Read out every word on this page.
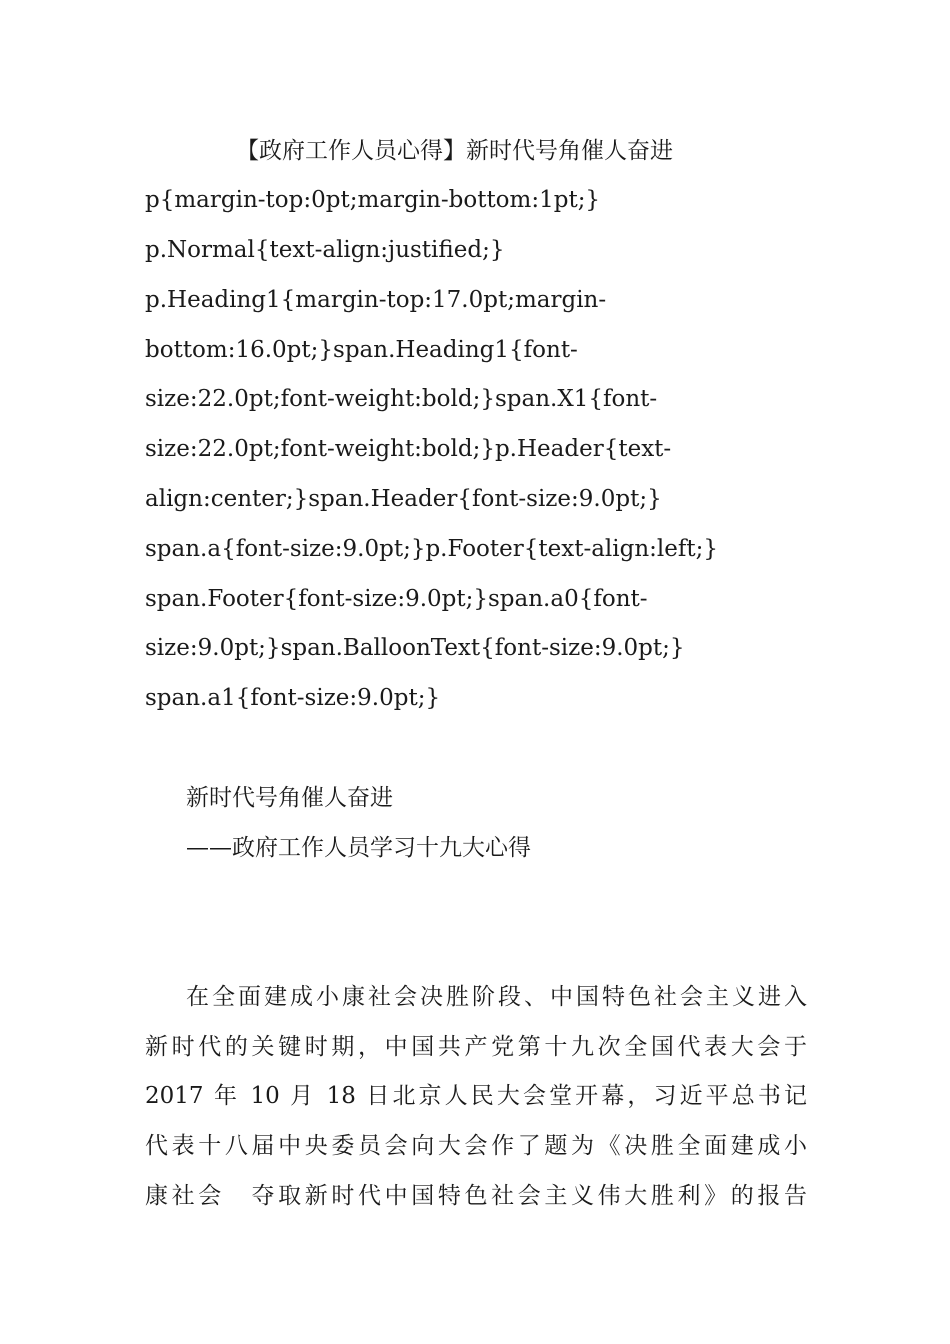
【政府工作人员心得】新时代号角催人奋进
p{margin-top:0pt;margin-bottom:1pt;}
p.Normal{text-align:justified;}
p.Heading1{margin-top:17.0pt;margin-
bottom:16.0pt;}span.Heading1{font-
size:22.0pt;font-weight:bold;}span.X1{font-
size:22.0pt;font-weight:bold;}p.Header{text-
align:center;}span.Header{font-size:9.0pt;}
span.a{font-size:9.0pt;}p.Footer{text-align:left;}
span.Footer{font-size:9.0pt;}span.a0{font-
size:9.0pt;}span.BalloonText{font-size:9.0pt;}
span.a1{font-size:9.0pt;}
新时代号角催人奋进
——政府工作人员学习十九大心得
在全面建成小康社会决胜阶段、中国特色社会主义进入
新时代的关键时期，中国共产党第十九次全国代表大会于
2017 年 10 月 18 日北京人民大会堂开幕，习近平总书记
代表十八届中央委员会向大会作了题为《决胜全面建成小
康社会　夺取新时代中国特色社会主义伟大胜利》的报告
